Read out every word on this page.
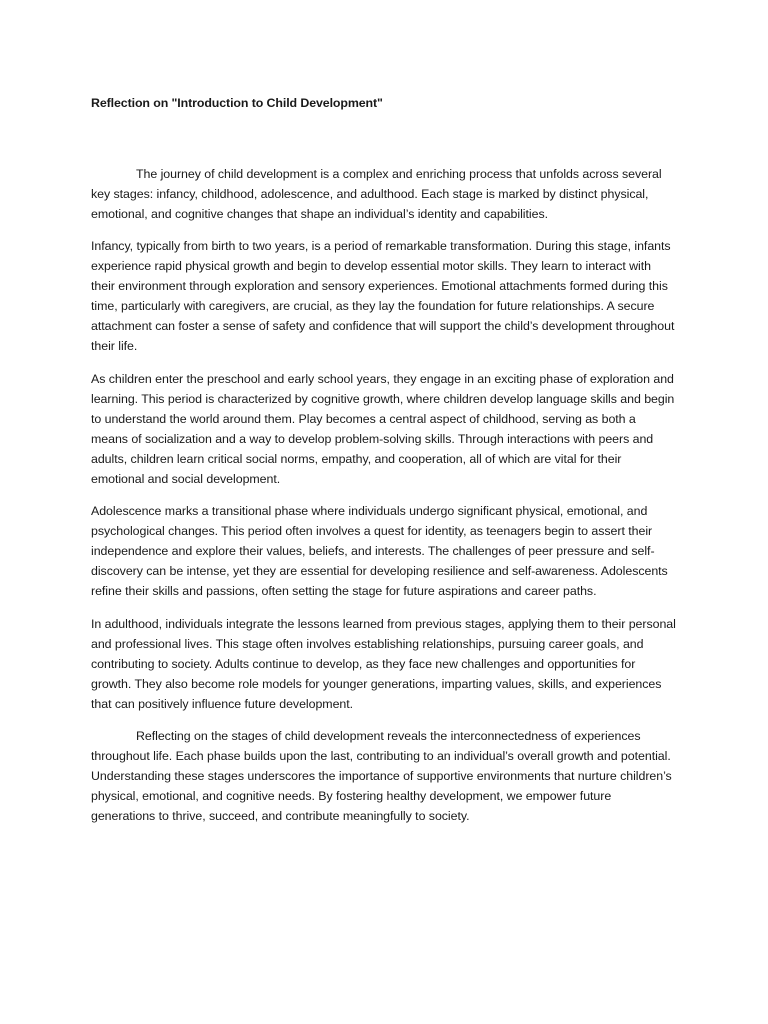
Reflection on "Introduction to Child Development"

The journey of child development is a complex and enriching process that unfolds across several key stages: infancy, childhood, adolescence, and adulthood. Each stage is marked by distinct physical, emotional, and cognitive changes that shape an individual’s identity and capabilities.

Infancy, typically from birth to two years, is a period of remarkable transformation. During this stage, infants experience rapid physical growth and begin to develop essential motor skills. They learn to interact with their environment through exploration and sensory experiences. Emotional attachments formed during this time, particularly with caregivers, are crucial, as they lay the foundation for future relationships. A secure attachment can foster a sense of safety and confidence that will support the child’s development throughout their life.

As children enter the preschool and early school years, they engage in an exciting phase of exploration and learning. This period is characterized by cognitive growth, where children develop language skills and begin to understand the world around them. Play becomes a central aspect of childhood, serving as both a means of socialization and a way to develop problem-solving skills. Through interactions with peers and adults, children learn critical social norms, empathy, and cooperation, all of which are vital for their emotional and social development.

Adolescence marks a transitional phase where individuals undergo significant physical, emotional, and psychological changes. This period often involves a quest for identity, as teenagers begin to assert their independence and explore their values, beliefs, and interests. The challenges of peer pressure and self-discovery can be intense, yet they are essential for developing resilience and self-awareness. Adolescents refine their skills and passions, often setting the stage for future aspirations and career paths.

In adulthood, individuals integrate the lessons learned from previous stages, applying them to their personal and professional lives. This stage often involves establishing relationships, pursuing career goals, and contributing to society. Adults continue to develop, as they face new challenges and opportunities for growth. They also become role models for younger generations, imparting values, skills, and experiences that can positively influence future development.

Reflecting on the stages of child development reveals the interconnectedness of experiences throughout life. Each phase builds upon the last, contributing to an individual’s overall growth and potential. Understanding these stages underscores the importance of supportive environments that nurture children’s physical, emotional, and cognitive needs. By fostering healthy development, we empower future generations to thrive, succeed, and contribute meaningfully to society.
